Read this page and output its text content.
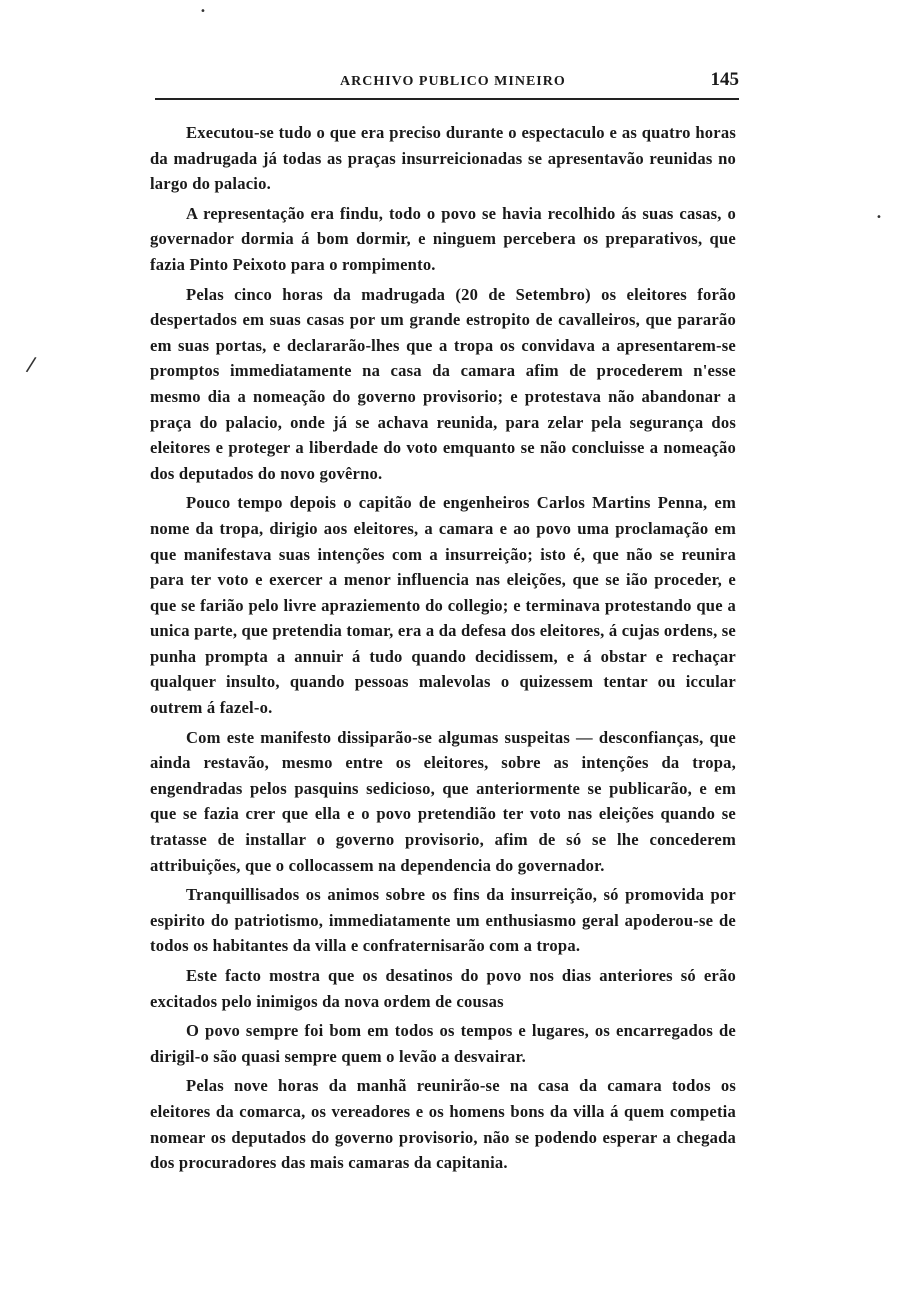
•
•
/
ARCHIVO PUBLICO MINEIRO	145

Executou-se tudo o que era preciso durante o espectaculo e as quatro horas da madrugada já todas as praças insurreicionadas se apresentavão reunidas no largo do palacio.

A representação era findu, todo o povo se havia recolhido ás suas casas, o governador dormia á bom dormir, e ninguem percebera os preparativos, que fazia Pinto Peixoto para o rompimento.

Pelas cinco horas da madrugada (20 de Setembro) os eleitores forão despertados em suas casas por um grande estropito de cavalleiros, que pararão em suas portas, e declararão-lhes que a tropa os convidava a apresentarem-se promptos immediatamente na casa da camara afim de procederem n'esse mesmo dia a nomeação do governo provisorio; e protestava não abandonar a praça do palacio, onde já se achava reunida, para zelar pela segurança dos eleitores e proteger a liberdade do voto emquanto se não concluisse a nomeação dos deputados do novo govêrno.

Pouco tempo depois o capitão de engenheiros Carlos Martins Penna, em nome da tropa, dirigio aos eleitores, a camara e ao povo uma proclamação em que manifestava suas intenções com a insurreição; isto é, que não se reunira para ter voto e exercer a menor influencia nas eleições, que se ião proceder, e que se farião pelo livre apraziemento do collegio; e terminava protestando que a unica parte, que pretendia tomar, era a da defesa dos eleitores, á cujas ordens, se punha prompta a annuir á tudo quando decidissem, e á obstar e rechaçar qualquer insulto, quando pessoas malevolas o quizessem tentar ou iccular outrem á fazel-o.

Com este manifesto dissiparão-se algumas suspeitas — desconfianças, que ainda restavão, mesmo entre os eleitores, sobre as intenções da tropa, engendradas pelos pasquins sedicioso, que anteriormente se publicarão, e em que se fazia crer que ella e o povo pretendião ter voto nas eleições quando se tratasse de installar o governo provisorio, afim de só se lhe concederem attribuições, que o collocassem na dependencia do governador.

Tranquillisados os animos sobre os fins da insurreição, só promovida por espirito do patriotismo, immediatamente um enthusiasmo geral apoderou-se de todos os habitantes da villa e confraternisarão com a tropa.

Este facto mostra que os desatinos do povo nos dias anteriores só erão excitados pelo inimigos da nova ordem de cousas

O povo sempre foi bom em todos os tempos e lugares, os encarregados de dirigil-o são quasi sempre quem o levão a desvairar.

Pelas nove horas da manhã reunirão-se na casa da camara todos os eleitores da comarca, os vereadores e os homens bons da villa á quem competia nomear os deputados do governo provisorio, não se podendo esperar a chegada dos procuradores das mais camaras da capitania.
